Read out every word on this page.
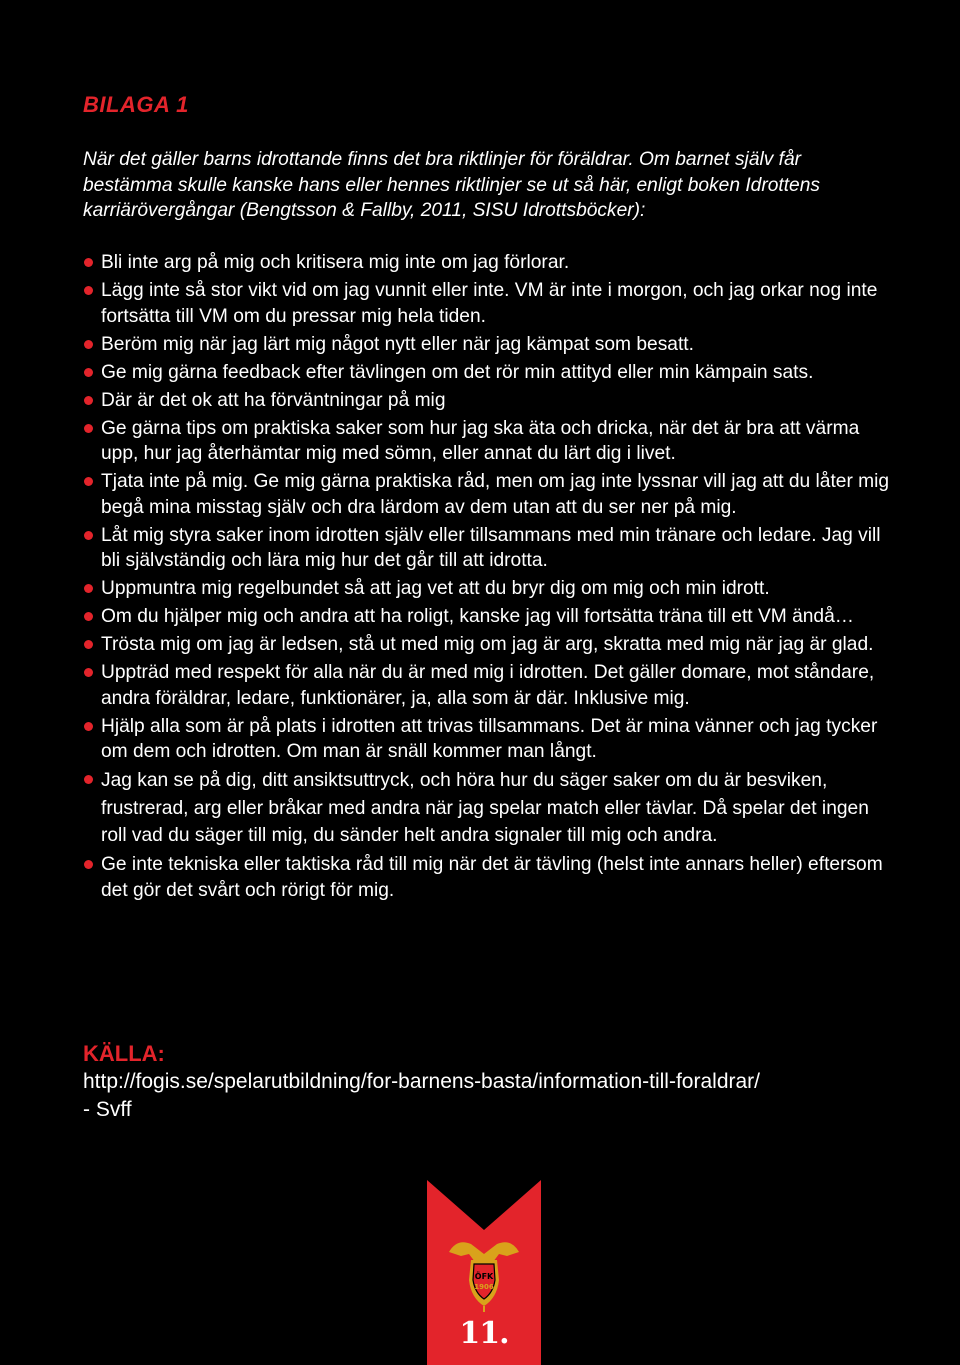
BILAGA 1

När det gäller barns idrottande finns det bra riktlinjer för föräldrar. Om barnet själv får bestämma skulle kanske hans eller hennes riktlinjer se ut så här, enligt boken Idrottens karriärövergångar (Bengtsson & Fallby, 2011, SISU Idrottsböcker):

Bli inte arg på mig och kritisera mig inte om jag förlorar.
Lägg inte så stor vikt vid om jag vunnit eller inte. VM är inte i morgon, och jag orkar nog inte fortsätta till VM om du pressar mig hela tiden.
Beröm mig när jag lärt mig något nytt eller när jag kämpat som besatt.
Ge mig gärna feedback efter tävlingen om det rör min attityd eller min kämpain sats.
Där är det ok att ha förväntningar på mig
Ge gärna tips om praktiska saker som hur jag ska äta och dricka, när det är bra att värma upp, hur jag återhämtar mig med sömn, eller annat du lärt dig i livet.
Tjata inte på mig. Ge mig gärna praktiska råd, men om jag inte lyssnar vill jag att du låter mig begå mina misstag själv och dra lärdom av dem utan att du ser ner på mig.
Låt mig styra saker inom idrotten själv eller tillsammans med min tränare och ledare. Jag vill bli självständig och lära mig hur det går till att idrotta.
Uppmuntra mig regelbundet så att jag vet att du bryr dig om mig och min idrott.
Om du hjälper mig och andra att ha roligt, kanske jag vill fortsätta träna till ett VM ändå…
Trösta mig om jag är ledsen, stå ut med mig om jag är arg, skratta med mig när jag är glad.
Uppträd med respekt för alla när du är med mig i idrotten. Det gäller domare, mot ståndare, andra föräldrar, ledare, funktionärer, ja, alla som är där. Inklusive mig.
Hjälp alla som är på plats i idrotten att trivas tillsammans. Det är mina vänner och jag tycker om dem och idrotten. Om man är snäll kommer man långt.
Jag kan se på dig, ditt ansiktsuttryck, och höra hur du säger saker om du är besviken, frustrerad, arg eller bråkar med andra när jag spelar match eller tävlar. Då spelar det ingen roll vad du säger till mig, du sänder helt andra signaler till mig och andra.
Ge inte tekniska eller taktiska råd till mig när det är tävling (helst inte annars heller) eftersom det gör det svårt och rörigt för mig.
KÄLLA:
http://fogis.se/spelarutbildning/for-barnens-basta/information-till-foraldrar/
- Svff
ÖFK
1906
11.
